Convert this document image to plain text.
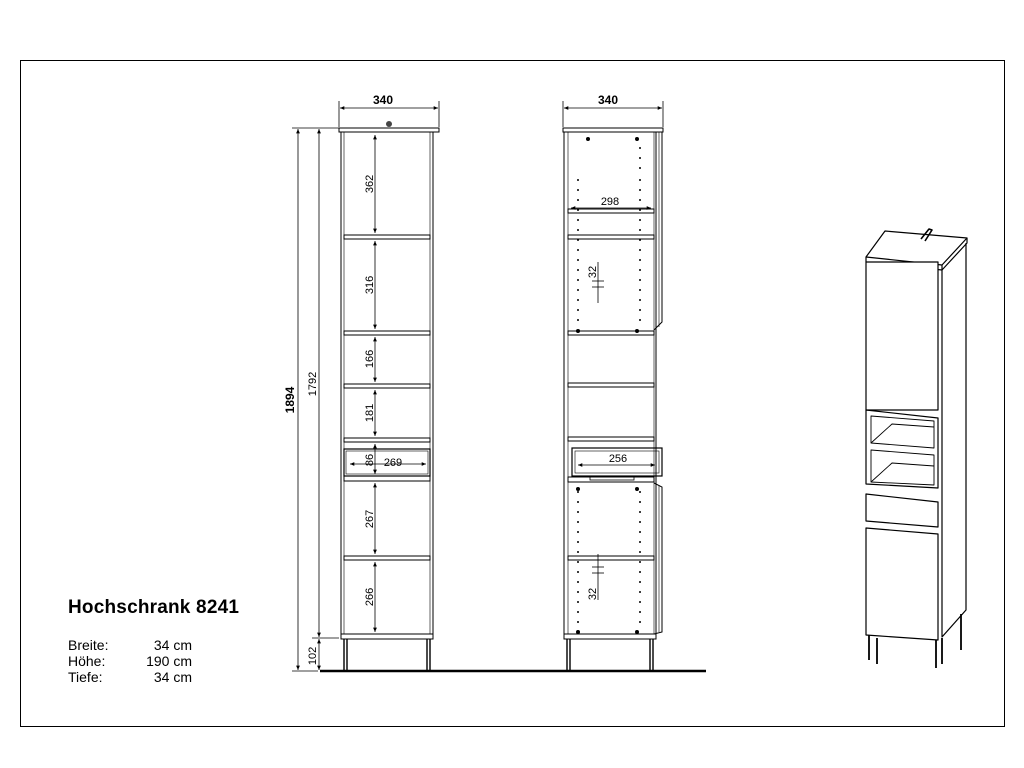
362
316
166
181
86
267
266
269
340
1894
1792
102
340
298
256
32
32
Hochschrank 8241
Breite:	34 cm
Höhe:	190 cm
Tiefe:	34 cm
